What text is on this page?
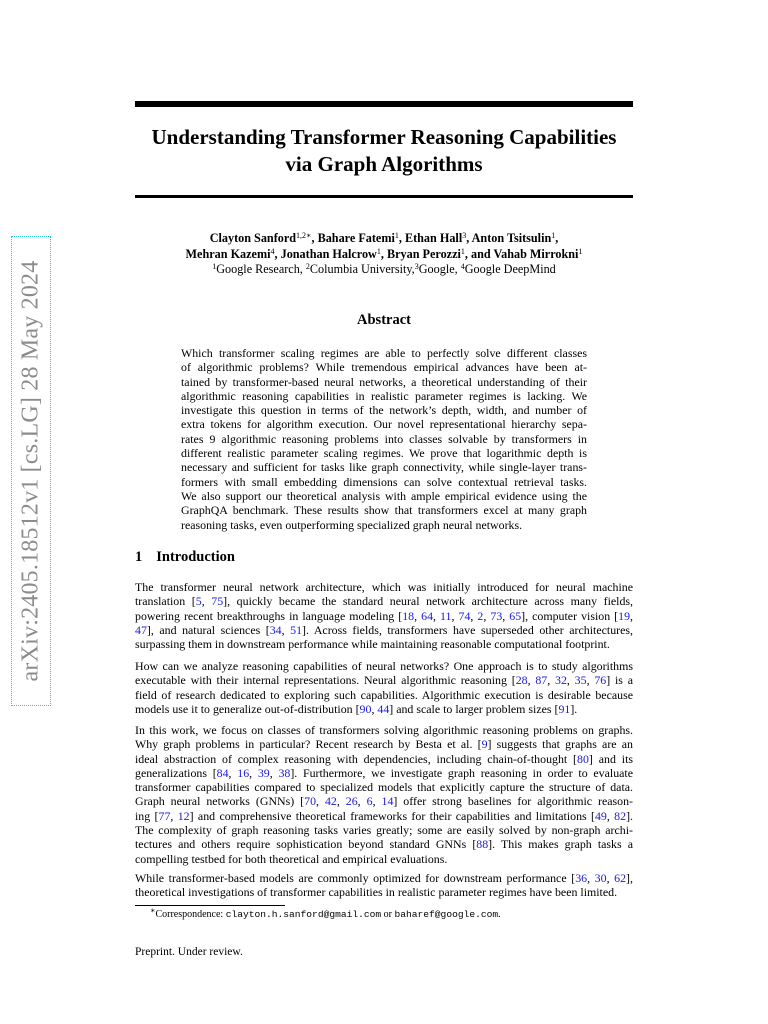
arXiv:2405.18512v1 [cs.LG] 28 May 2024
Understanding Transformer Reasoning Capabilities
via Graph Algorithms
Clayton Sanford$^{1,2∗}$, Bahare Fatemi$^1$, Ethan Hall$^3$, Anton Tsitsulin$^1$,
Mehran Kazemi$^4$, Jonathan Halcrow$^1$, Bryan Perozzi$^1$, and Vahab Mirrokni$^1$
$^1$Google Research, $^2$Columbia University,$^3$Google, $^4$Google DeepMind
Abstract
Which transformer scaling regimes are able to perfectly solve different classes
of algorithmic problems? While tremendous empirical advances have been at-
tained by transformer-based neural networks, a theoretical understanding of their
algorithmic reasoning capabilities in realistic parameter regimes is lacking. We
investigate this question in terms of the network’s depth, width, and number of
extra tokens for algorithm execution. Our novel representational hierarchy sepa-
rates 9 algorithmic reasoning problems into classes solvable by transformers in
different realistic parameter scaling regimes. We prove that logarithmic depth is
necessary and sufficient for tasks like graph connectivity, while single-layer trans-
formers with small embedding dimensions can solve contextual retrieval tasks.
We also support our theoretical analysis with ample empirical evidence using the
GraphQA benchmark. These results show that transformers excel at many graph
reasoning tasks, even outperforming specialized graph neural networks.
1 Introduction
The transformer neural network architecture, which was initially introduced for neural machine
translation [5, 75], quickly became the standard neural network architecture across many fields,
powering recent breakthroughs in language modeling [18, 64, 11, 74, 2, 73, 65], computer vision [19,
47], and natural sciences [34, 51]. Across fields, transformers have superseded other architectures,
surpassing them in downstream performance while maintaining reasonable computational footprint.
How can we analyze reasoning capabilities of neural networks? One approach is to study algorithms
executable with their internal representations. Neural algorithmic reasoning [28, 87, 32, 35, 76] is a
field of research dedicated to exploring such capabilities. Algorithmic execution is desirable because
models use it to generalize out-of-distribution [90, 44] and scale to larger problem sizes [91].
In this work, we focus on classes of transformers solving algorithmic reasoning problems on graphs.
Why graph problems in particular? Recent research by Besta et al. [9] suggests that graphs are an
ideal abstraction of complex reasoning with dependencies, including chain-of-thought [80] and its
generalizations [84, 16, 39, 38]. Furthermore, we investigate graph reasoning in order to evaluate
transformer capabilities compared to specialized models that explicitly capture the structure of data.
Graph neural networks (GNNs) [70, 42, 26, 6, 14] offer strong baselines for algorithmic reason-
ing [77, 12] and comprehensive theoretical frameworks for their capabilities and limitations [49, 82].
The complexity of graph reasoning tasks varies greatly; some are easily solved by non-graph archi-
tectures and others require sophistication beyond standard GNNs [88]. This makes graph tasks a
compelling testbed for both theoretical and empirical evaluations.
While transformer-based models are commonly optimized for downstream performance [36, 30, 62],
theoretical investigations of transformer capabilities in realistic parameter regimes have been limited.
∗Correspondence: clayton.h.sanford@gmail.com or baharef@google.com.
Preprint. Under review.
